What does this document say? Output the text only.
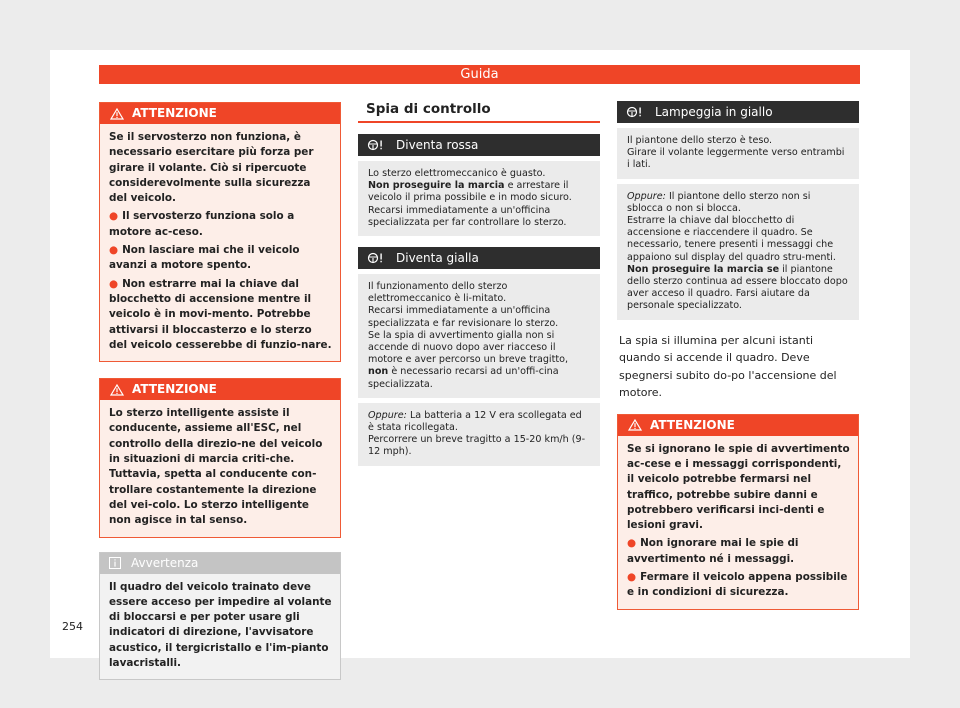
Guida
ATTENZIONE

Se il servosterzo non funziona, è necessario esercitare più forza per girare il volante. Ciò si ripercuote considerevolmente sulla sicurezza del veicolo.

● Il servosterzo funziona solo a motore ac-ceso.

● Non lasciare mai che il veicolo avanzi a motore spento.

● Non estrarre mai la chiave dal blocchetto di accensione mentre il veicolo è in movi-mento. Potrebbe attivarsi il bloccasterzo e lo sterzo del veicolo cesserebbe di funzio-nare.

ATTENZIONE

Lo sterzo intelligente assiste il conducente, assieme all'ESC, nel controllo della direzio-ne del veicolo in situazioni di marcia criti-che. Tuttavia, spetta al conducente con-trollare costantemente la direzione del vei-colo. Lo sterzo intelligente non agisce in tal senso.

Avvertenza

Il quadro del veicolo trainato deve essere acceso per impedire al volante di bloccarsi e per poter usare gli indicatori di direzione, l'avvisatore acustico, il tergicristallo e l'im-pianto lavacristalli.

Spia di controllo
Diventa rossa

Lo sterzo elettromeccanico è guasto.

Non proseguire la marcia e arrestare il veicolo il prima possibile e in modo sicuro.

Recarsi immediatamente a un'officina specializzata per far controllare lo sterzo.

Diventa gialla

Il funzionamento dello sterzo elettromeccanico è li-mitato.

Recarsi immediatamente a un'officina specializzata e far revisionare lo sterzo.

Se la spia di avvertimento gialla non si accende di nuovo dopo aver riacceso il motore e aver percorso un breve tragitto, non è necessario recarsi ad un'offi-cina specializzata.

Oppure: La batteria a 12 V era scollegata ed è stata ricollegata.

Percorrere un breve tragitto a 15-20 km/h (9-12 mph).

Lampeggia in giallo

Il piantone dello sterzo è teso.

Girare il volante leggermente verso entrambi i lati.

Oppure: Il piantone dello sterzo non si sblocca o non si blocca.

Estrarre la chiave dal blocchetto di accensione e riaccendere il quadro. Se necessario, tenere presenti i messaggi che appaiono sul display del quadro stru-menti.

Non proseguire la marcia se il piantone dello sterzo continua ad essere bloccato dopo aver acceso il quadro. Farsi aiutare da personale specializzato.

La spia si illumina per alcuni istanti quando si accende il quadro. Deve spegnersi subito do-po l'accensione del motore.

ATTENZIONE

Se si ignorano le spie di avvertimento ac-cese e i messaggi corrispondenti, il veicolo potrebbe fermarsi nel traffico, potrebbe subire danni e potrebbero verificarsi inci-denti e lesioni gravi.

● Non ignorare mai le spie di avvertimento né i messaggi.

● Fermare il veicolo appena possibile e in condizioni di sicurezza.

254
